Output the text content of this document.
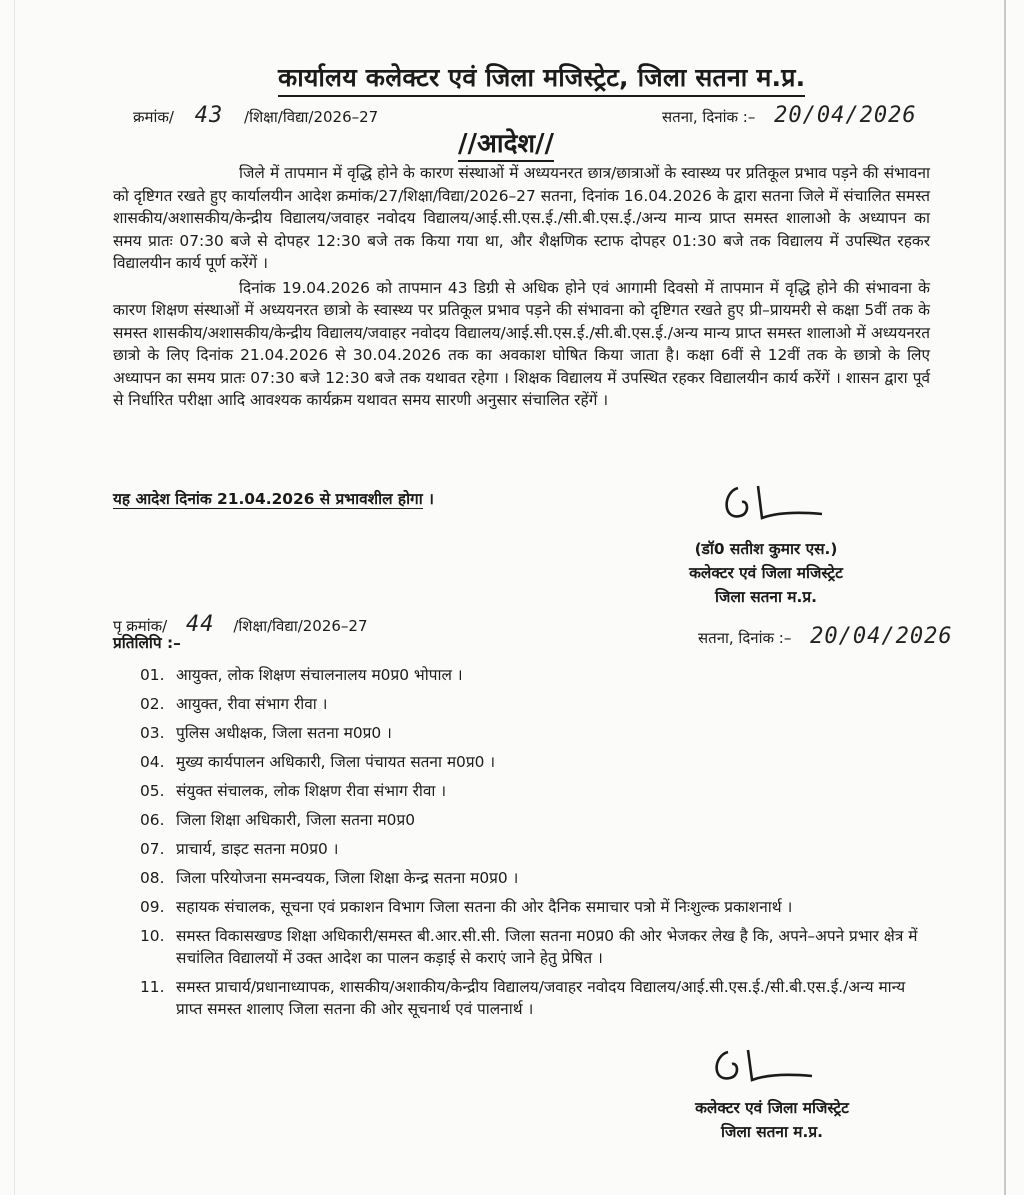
कार्यालय कलेक्टर एवं जिला मजिस्ट्रेट, जिला सतना म.प्र.
क्रमांक/ 43 /शिक्षा/विद्या/2026–27	सतना, दिनांक :– 20/04/2026
//आदेश//

जिले में तापमान में वृद्धि होने के कारण संस्थाओं में अध्ययनरत छात्र/छात्राओं के स्वास्थ्य पर प्रतिकूल प्रभाव पड़ने की संभावना को दृष्टिगत रखते हुए कार्यालयीन आदेश क्रमांक/27/शिक्षा/विद्या/2026–27 सतना, दिनांक 16.04.2026 के द्वारा सतना जिले में संचालित समस्त शासकीय/अशासकीय/केन्द्रीय विद्यालय/जवाहर नवोदय विद्यालय/आई.सी.एस.ई./सी.बी.एस.ई./अन्य मान्य प्राप्त समस्त शालाओ के अध्यापन का समय प्रातः 07:30 बजे से दोपहर 12:30 बजे तक किया गया था, और शैक्षणिक स्टाफ दोपहर 01:30 बजे तक विद्यालय में उपस्थित रहकर विद्यालयीन कार्य पूर्ण करेंगें ।

दिनांक 19.04.2026 को तापमान 43 डिग्री से अधिक होने एवं आगामी दिवसो में तापमान में वृद्धि होने की संभावना के कारण शिक्षण संस्थाओं में अध्ययनरत छात्रो के स्वास्थ्य पर प्रतिकूल प्रभाव पड़ने की संभावना को दृष्टिगत रखते हुए प्री–प्रायमरी से कक्षा 5वीं तक के समस्त शासकीय/अशासकीय/केन्द्रीय विद्यालय/जवाहर नवोदय विद्यालय/आई.सी.एस.ई./सी.बी.एस.ई./अन्य मान्य प्राप्त समस्त शालाओ में अध्ययनरत छात्रो के लिए दिनांक 21.04.2026 से 30.04.2026 तक का अवकाश घोषित किया जाता है। कक्षा 6वीं से 12वीं तक के छात्रो के लिए अध्यापन का समय प्रातः 07:30 बजे 12:30 बजे तक यथावत रहेगा । शिक्षक विद्यालय में उपस्थित रहकर विद्यालयीन कार्य करेंगें । शासन द्वारा पूर्व से निर्धारित परीक्षा आदि आवश्यक कार्यक्रम यथावत समय सारणी अनुसार संचालित रहेंगें ।

यह आदेश दिनांक 21.04.2026 से प्रभावशील होगा ।
(डॉ0 सतीश कुमार एस.)
कलेक्टर एवं जिला मजिस्ट्रेट
जिला सतना म.प्र.
पृ क्रमांक/ 44 /शिक्षा/विद्या/2026–27
सतना, दिनांक :– 20/04/2026
प्रतिलिपि :–
01. आयुक्त, लोक शिक्षण संचालनालय म0प्र0 भोपाल ।
02. आयुक्त, रीवा संभाग रीवा ।
03. पुलिस अधीक्षक, जिला सतना म0प्र0 ।
04. मुख्य कार्यपालन अधिकारी, जिला पंचायत सतना म0प्र0 ।
05. संयुक्त संचालक, लोक शिक्षण रीवा संभाग रीवा ।
06. जिला शिक्षा अधिकारी, जिला सतना म0प्र0
07. प्राचार्य, डाइट सतना म0प्र0 ।
08. जिला परियोजना समन्वयक, जिला शिक्षा केन्द्र सतना म0प्र0 ।
09. सहायक संचालक, सूचना एवं प्रकाशन विभाग जिला सतना की ओर दैनिक समाचार पत्रो में निःशुल्क प्रकाशनार्थ ।
10. समस्त विकासखण्ड शिक्षा अधिकारी/समस्त बी.आर.सी.सी. जिला सतना म0प्र0 की ओर भेजकर लेख है कि, अपने–अपने प्रभार क्षेत्र में सचांलित विद्यालयों में उक्त आदेश का पालन कड़ाई से कराएं जाने हेतु प्रेषित ।
11. समस्त प्राचार्य/प्रधानाध्यापक, शासकीय/अशाकीय/केन्द्रीय विद्यालय/जवाहर नवोदय विद्यालय/आई.सी.एस.ई./सी.बी.एस.ई./अन्य मान्य प्राप्त समस्त शालाए जिला सतना की ओर सूचनार्थ एवं पालनार्थ ।
कलेक्टर एवं जिला मजिस्ट्रेट
जिला सतना म.प्र.
